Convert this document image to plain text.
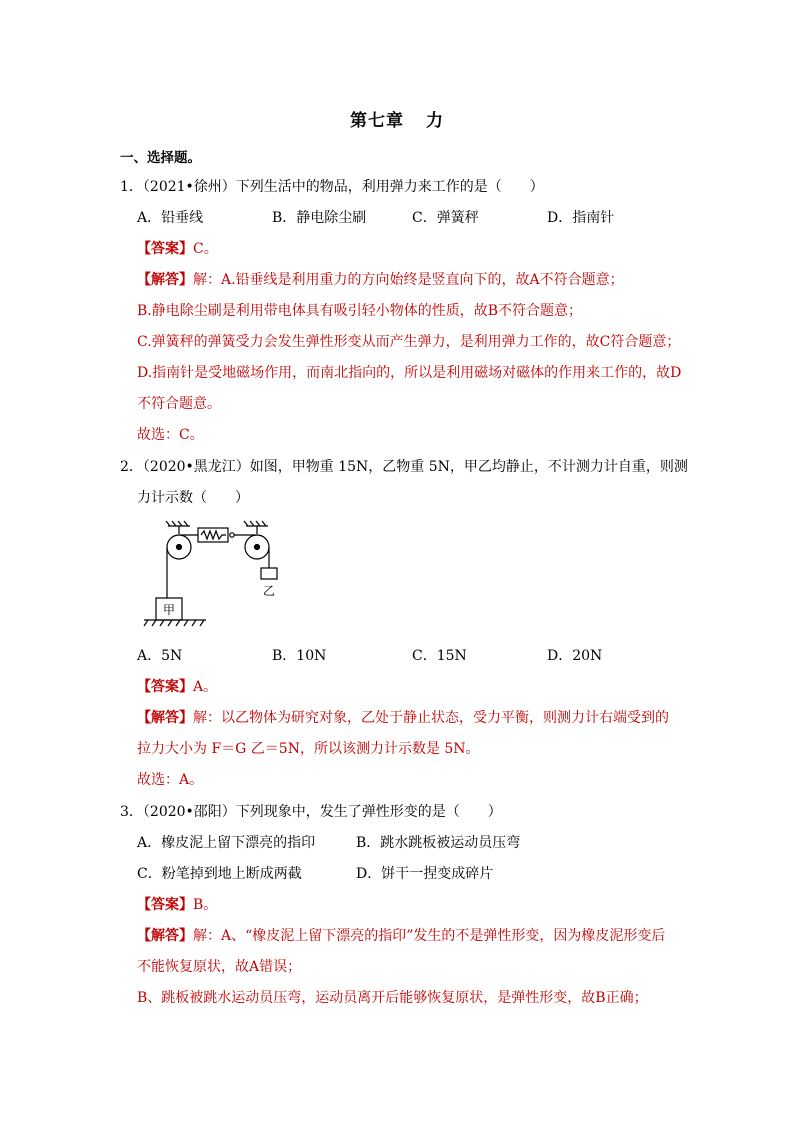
第七章 力
一、选择题。
1．（2021•徐州）下列生活中的物品，利用弹力来工作的是（　　）
A．铅垂线	B．静电除尘刷	C．弹簧秤	D．指南针
【答案】C。
【解答】解：A.铅垂线是利用重力的方向始终是竖直向下的，故A不符合题意；
B.静电除尘刷是利用带电体具有吸引轻小物体的性质，故B不符合题意；
C.弹簧秤的弹簧受力会发生弹性形变从而产生弹力，是利用弹力工作的，故C符合题意；
D.指南针是受地磁场作用，而南北指向的，所以是利用磁场对磁体的作用来工作的，故D
不符合题意。
故选：C。
2．（2020•黑龙江）如图，甲物重 15N，乙物重 5N，甲乙均静止，不计测力计自重，则测
力计示数（　　）
甲
乙
A．5N	B．10N	C．15N	D．20N
【答案】A。
【解答】解：以乙物体为研究对象，乙处于静止状态，受力平衡，则测力计右端受到的
拉力大小为 F＝G 乙＝5N，所以该测力计示数是 5N。
故选：A。
3．（2020•邵阳）下列现象中，发生了弹性形变的是（　　）
A．橡皮泥上留下漂亮的指印	B．跳水跳板被运动员压弯
C．粉笔掉到地上断成两截	D．饼干一捏变成碎片
【答案】B。
【解答】解：A、“橡皮泥上留下漂亮的指印”发生的不是弹性形变，因为橡皮泥形变后
不能恢复原状，故A错误；
B、跳板被跳水运动员压弯，运动员离开后能够恢复原状，是弹性形变，故B正确；
